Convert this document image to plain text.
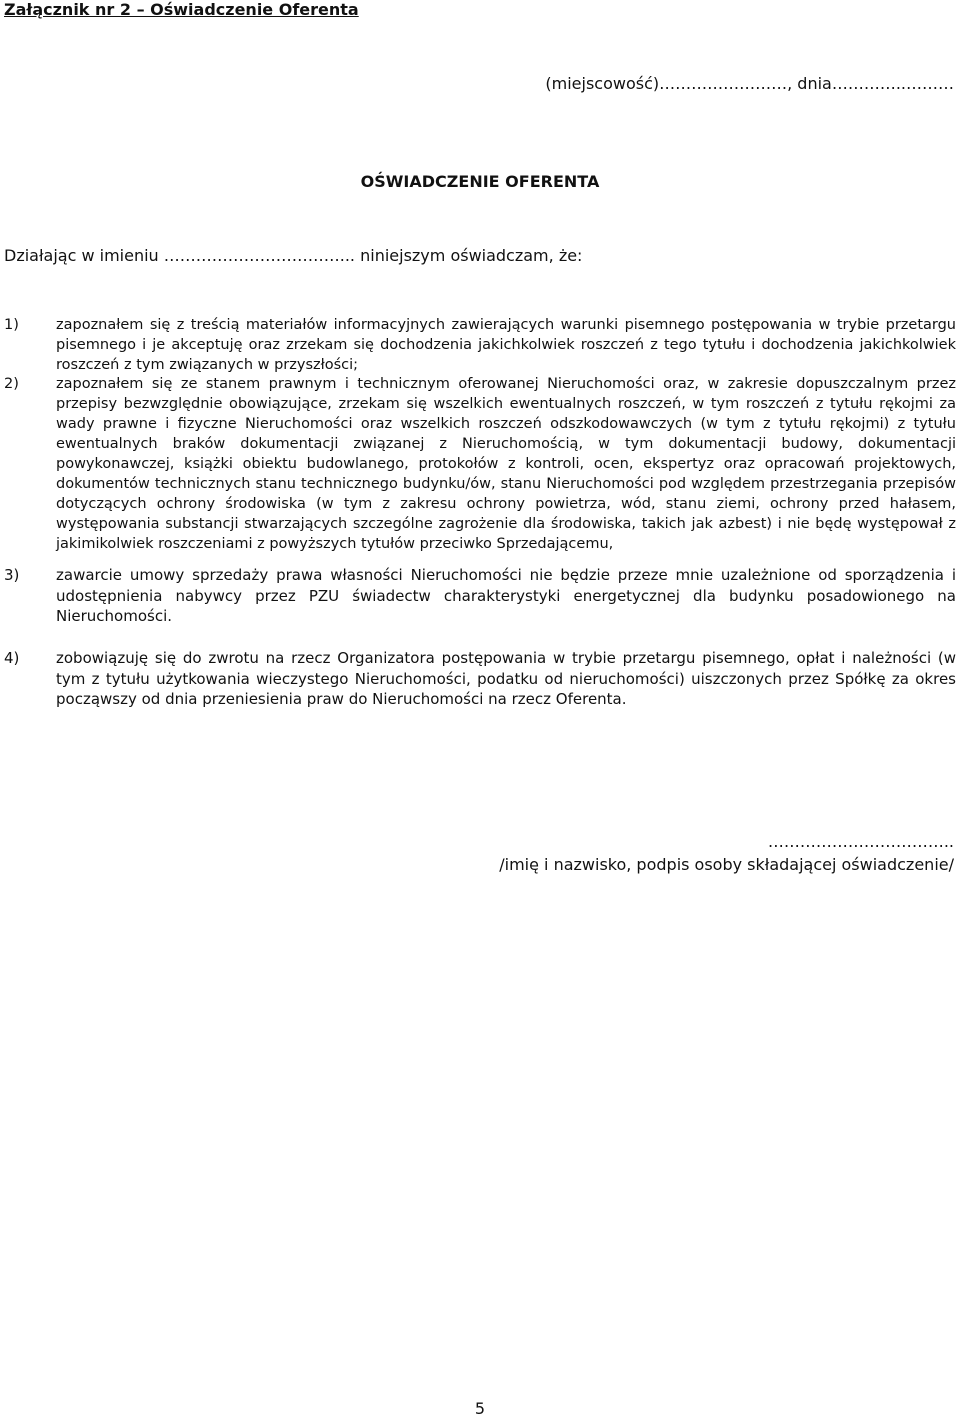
Załącznik nr 2 – Oświadczenie Oferenta
(miejscowość)……………………, dnia…………..………
OŚWIADCZENIE OFERENTA
Działając w imieniu ……………………………... niniejszym oświadczam, że:
1)	zapoznałem się z treścią materiałów informacyjnych zawierających warunki pisemnego postępowania w trybie przetargu pisemnego i je akceptuję oraz zrzekam się dochodzenia jakichkolwiek roszczeń z tego tytułu i dochodzenia jakichkolwiek roszczeń z tym związanych w przyszłości;
2)	zapoznałem się ze stanem prawnym i technicznym oferowanej Nieruchomości oraz, w zakresie dopuszczalnym przez przepisy bezwzględnie obowiązujące, zrzekam się wszelkich ewentualnych roszczeń, w tym roszczeń z tytułu rękojmi za wady prawne i fizyczne Nieruchomości oraz wszelkich roszczeń odszkodowawczych (w tym z tytułu rękojmi) z tytułu ewentualnych braków dokumentacji związanej z Nieruchomością, w tym dokumentacji budowy, dokumentacji powykonawczej, książki obiektu budowlanego, protokołów z kontroli, ocen, ekspertyz oraz opracowań projektowych, dokumentów technicznych stanu technicznego budynku/ów, stanu Nieruchomości pod względem przestrzegania przepisów dotyczących ochrony środowiska (w tym z zakresu ochrony powietrza, wód, stanu ziemi, ochrony przed hałasem, występowania substancji stwarzających szczególne zagrożenie dla środowiska, takich jak azbest) i nie będę występował z jakimikolwiek roszczeniami z powyższych tytułów przeciwko Sprzedającemu,
3) zawarcie umowy sprzedaży prawa własności Nieruchomości nie będzie przeze mnie uzależnione od sporządzenia i udostępnienia nabywcy przez PZU świadectw charakterystyki energetycznej dla budynku posadowionego na Nieruchomości.
4) zobowiązuję się do zwrotu na rzecz Organizatora postępowania w trybie przetargu pisemnego, opłat i należności (w tym z tytułu użytkowania wieczystego Nieruchomości, podatku od nieruchomości) uiszczonych przez Spółkę za okres począwszy od dnia przeniesienia praw do Nieruchomości na rzecz Oferenta.
……………………………..
/imię i nazwisko, podpis osoby składającej oświadczenie/
5
